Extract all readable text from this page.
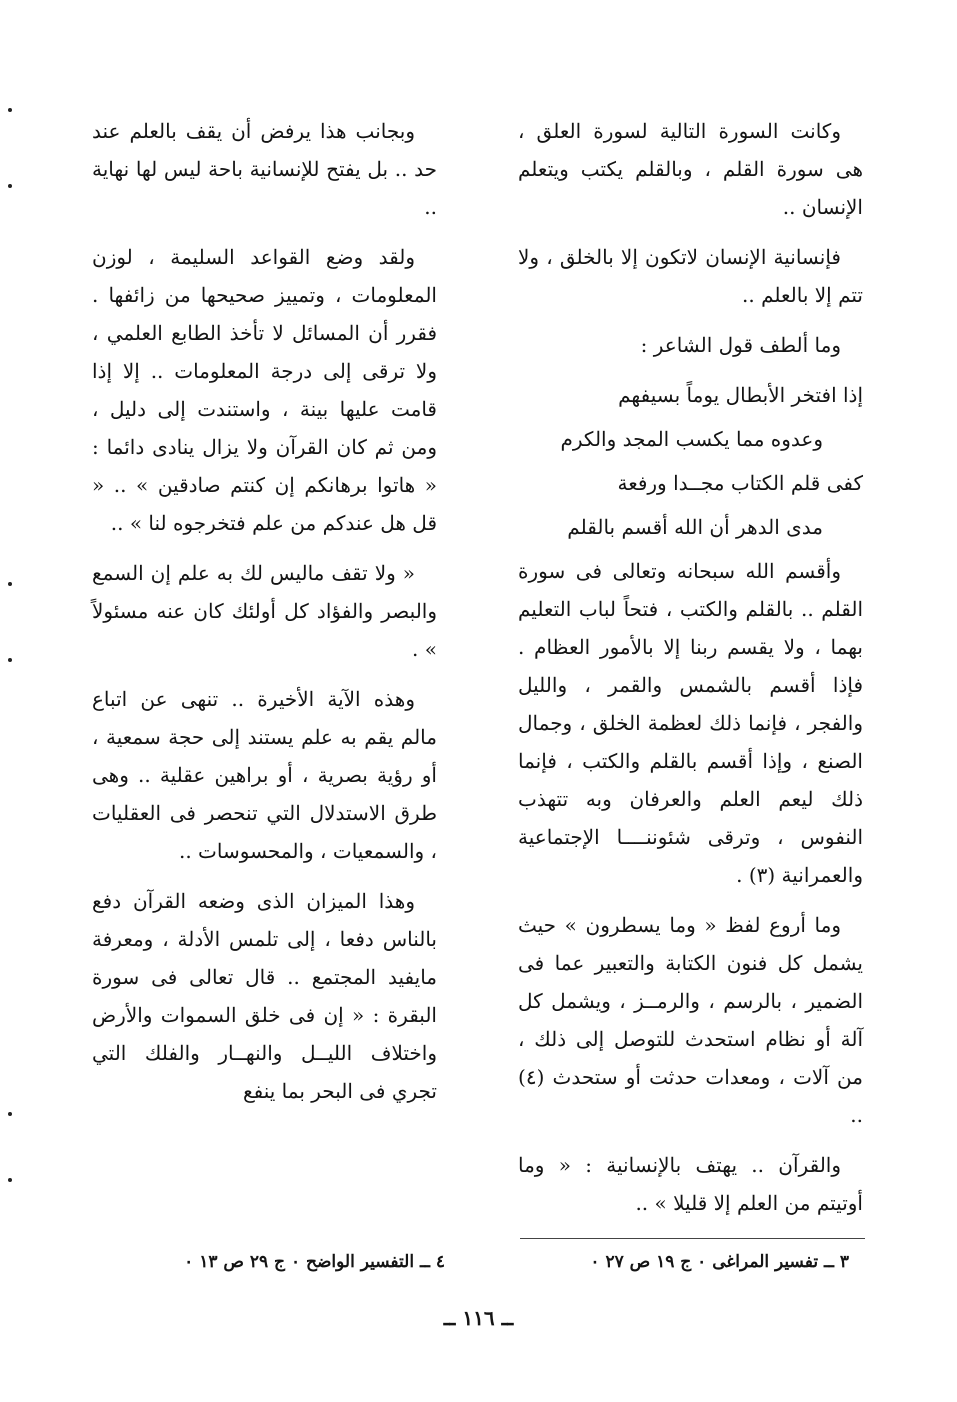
وكانت السورة التالية لسورة العلق ، هى سورة القلم ، وبالقلم يكتب ويتعلم الإنسان ..

فإنسانية الإنسان لاتكون إلا بالخلق ، ولا تتم إلا بالعلم ..

وما ألطف قول الشاعر :

إذا افتخر الأبطال يوماً بسيفهم

وعدوه مما يكسب المجد والكرم

كفى قلم الكتاب مجــدا ورفعة

مدى الدهر أن الله أقسم بالقلم

وأقسم الله سبحانه وتعالى فى سورة القلم .. بالقلم والكتب ، فتحاً لباب التعليم بهما ، ولا يقسم ربنا إلا بالأمور العظام . فإذا أقسم بالشمس والقمر ، والليل والفجر ، فإنما ذلك لعظمة الخلق ، وجمال الصنع ، وإذا أقسم بالقلم والكتب ، فإنما ذلك ليعم العلم والعرفان وبه تتهذب النفوس ، وترقى شئوننــــا الإجتماعية والعمرانية (٣) .

وما أروع لفظ « وما يسطرون » حيث يشمل كل فنون الكتابة والتعبير عما فى الضمير ، بالرسم ، والرمــز ، ويشمل كل آلة أو نظام استحدث للتوصل إلى ذلك ، من آلات ، ومعدات حدثت أو ستحدث (٤) ..

والقرآن .. يهتف بالإنسانية : « وما أوتيتم من العلم إلا قليلا » ..

وبجانب هذا يرفض أن يقف بالعلم عند حد .. بل يفتح للإنسانية باحة ليس لها نهاية ..

ولقد وضع القواعد السليمة ، لوزن المعلومات ، وتمييز صحيحها من زائفها . فقرر أن المسائل لا تأخذ الطابع العلمي ، ولا ترقى إلى درجة المعلومات .. إلا إذا قامت عليها بينة ، واستندت إلى دليل ، ومن ثم كان القرآن ولا يزال ينادى دائما : « هاتوا برهانكم إن كنتم صادقين » .. « قل هل عندكم من علم فتخرجوه لنا » ..

« ولا تقف ماليس لك به علم إن السمع والبصر والفؤاد كل أولئك كان عنه مسئولاً » .

وهذه الآية الأخيرة .. تنهى عن اتباع مالم يقم به علم يستند إلى حجة سمعية ، أو رؤية بصرية ، أو براهين عقلية .. وهى طرق الاستدلال التي تنحصر فى العقليات ، والسمعيات ، والمحسوسات ..

وهذا الميزان الذى وضعه القرآن دفع بالناس دفعا ، إلى تلمس الأدلة ، ومعرفة مايفيد المجتمع .. قال تعالى فى سورة البقرة : « إن فى خلق السموات والأرض واختلاف الليــل والنهــار والفلك التي تجري فى البحر بما ينفع

٣ ــ تفسير المراغى ٠ ج ١٩ ص ٢٧ ٠
٤ ــ التفسير الواضح ٠ ج ٢٩ ص ١٣ ٠
ــ ١١٦ ــ
